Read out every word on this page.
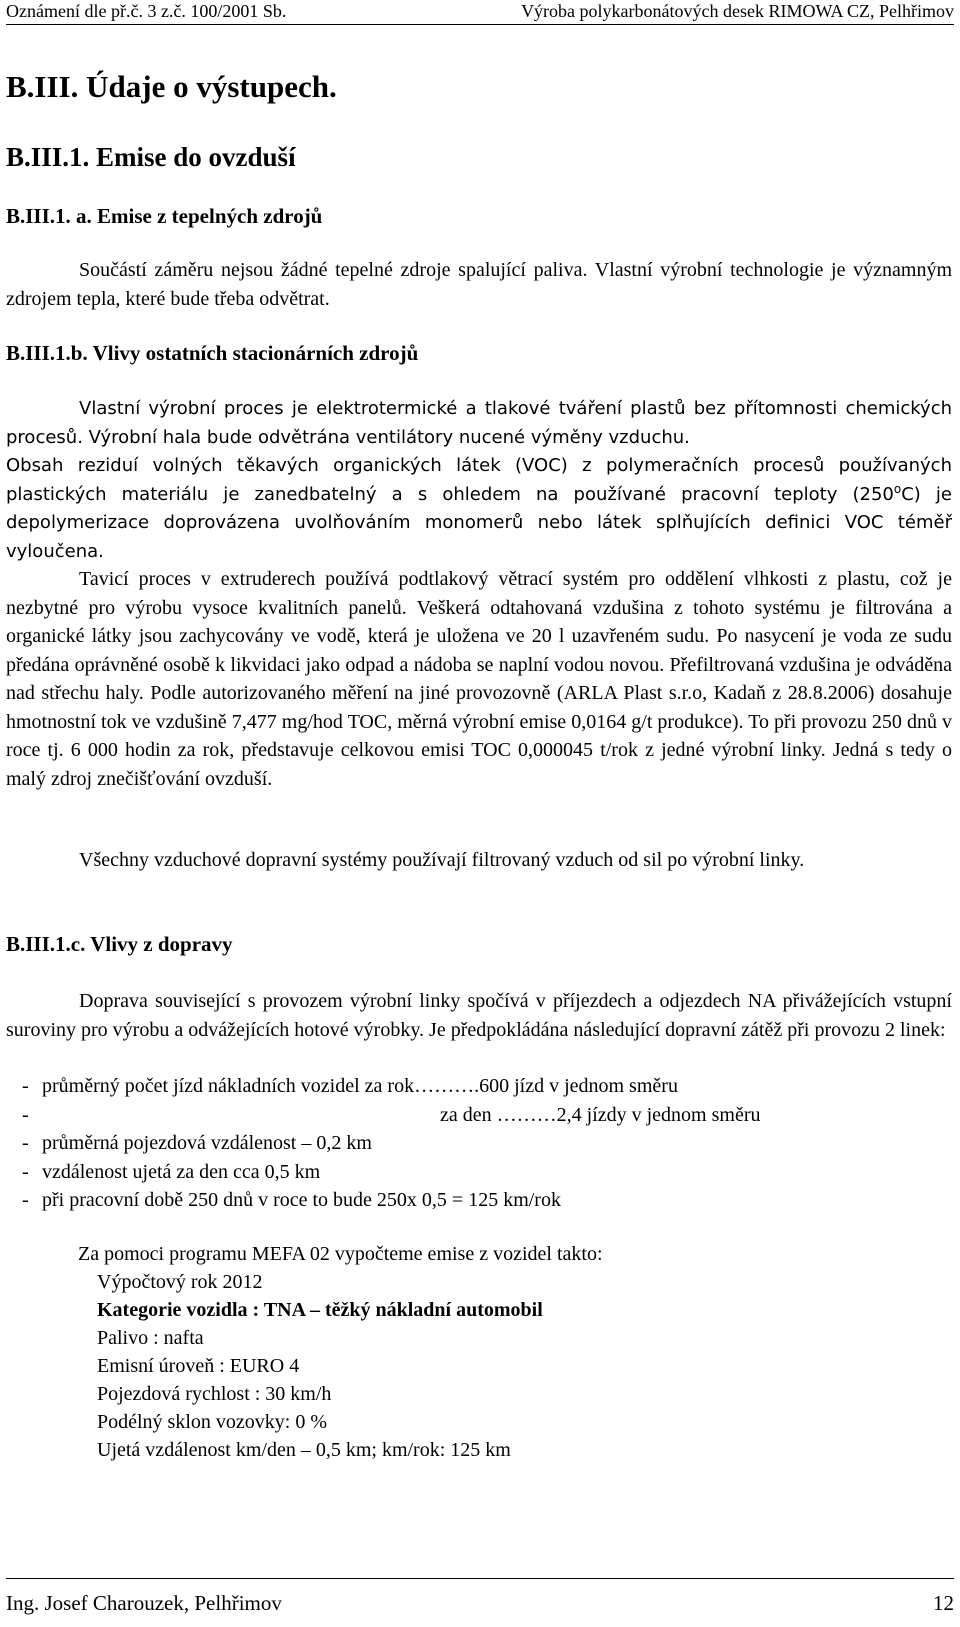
Oznámení dle př.č. 3 z.č. 100/2001 Sb.	Výroba polykarbonátových desek RIMOWA CZ, Pelhřimov
B.III. Údaje o výstupech.
B.III.1. Emise do ovzduší
B.III.1. a. Emise z tepelných zdrojů

Součástí záměru nejsou žádné tepelné zdroje spalující paliva. Vlastní výrobní technologie je významným zdrojem tepla, které bude třeba odvětrat.

B.III.1.b. Vlivy ostatních stacionárních zdrojů

Vlastní výrobní proces je elektrotermické a tlakové tváření plastů bez přítomnosti chemických procesů. Výrobní hala bude odvětrána ventilátory nucené výměny vzduchu.

Obsah reziduí volných těkavých organických látek (VOC) z polymeračních procesů používaných plastických materiálu je zanedbatelný a s ohledem na používané pracovní teploty (250$^o$C) je depolymerizace doprovázena uvolňováním monomerů nebo látek splňujících definici VOC téměř vyloučena.

Tavicí proces v extruderech používá podtlakový větrací systém pro oddělení vlhkosti z plastu, což je nezbytné pro výrobu vysoce kvalitních panelů. Veškerá odtahovaná vzdušina z tohoto systému je filtrována a organické látky jsou zachycovány ve vodě, která je uložena ve 20 l uzavřeném sudu. Po nasycení je voda ze sudu předána oprávněné osobě k likvidaci jako odpad a nádoba se naplní vodou novou. Přefiltrovaná vzdušina je odváděna nad střechu haly. Podle autorizovaného měření na jiné provozovně (ARLA Plast s.r.o, Kadaň z 28.8.2006) dosahuje hmotnostní tok ve vzdušině 7,477 mg/hod TOC, měrná výrobní emise 0,0164 g/t produkce). To při provozu 250 dnů v roce tj. 6 000 hodin za rok, představuje celkovou emisi TOC 0,000045 t/rok z jedné výrobní linky. Jedná s tedy o malý zdroj znečišťování ovzduší.

Všechny vzduchové dopravní systémy používají filtrovaný vzduch od sil po výrobní linky.

B.III.1.c. Vlivy z dopravy

Doprava související s provozem výrobní linky spočívá v příjezdech a odjezdech NA přivážejících vstupní suroviny pro výrobu a odvážejících hotové výrobky. Je předpokládána následující dopravní zátěž při provozu 2 linek:

- průměrný počet jízd nákladních vozidel za rok……….600 jízd v jednom směru
-	za den ………2,4 jízdy v jednom směru
- průměrná pojezdová vzdálenost – 0,2 km
- vzdálenost ujetá za den cca 0,5 km
- při pracovní době 250 dnů v roce to bude 250x 0,5 = 125 km/rok
Za pomoci programu MEFA 02 vypočteme emise z vozidel takto:
Výpočtový rok 2012
Kategorie vozidla : TNA – těžký nákladní automobil
Palivo : nafta
Emisní úroveň : EURO 4
Pojezdová rychlost : 30 km/h
Podélný sklon vozovky: 0 %
Ujetá vzdálenost km/den – 0,5 km; km/rok: 125 km
Ing. Josef Charouzek, Pelhřimov	12
